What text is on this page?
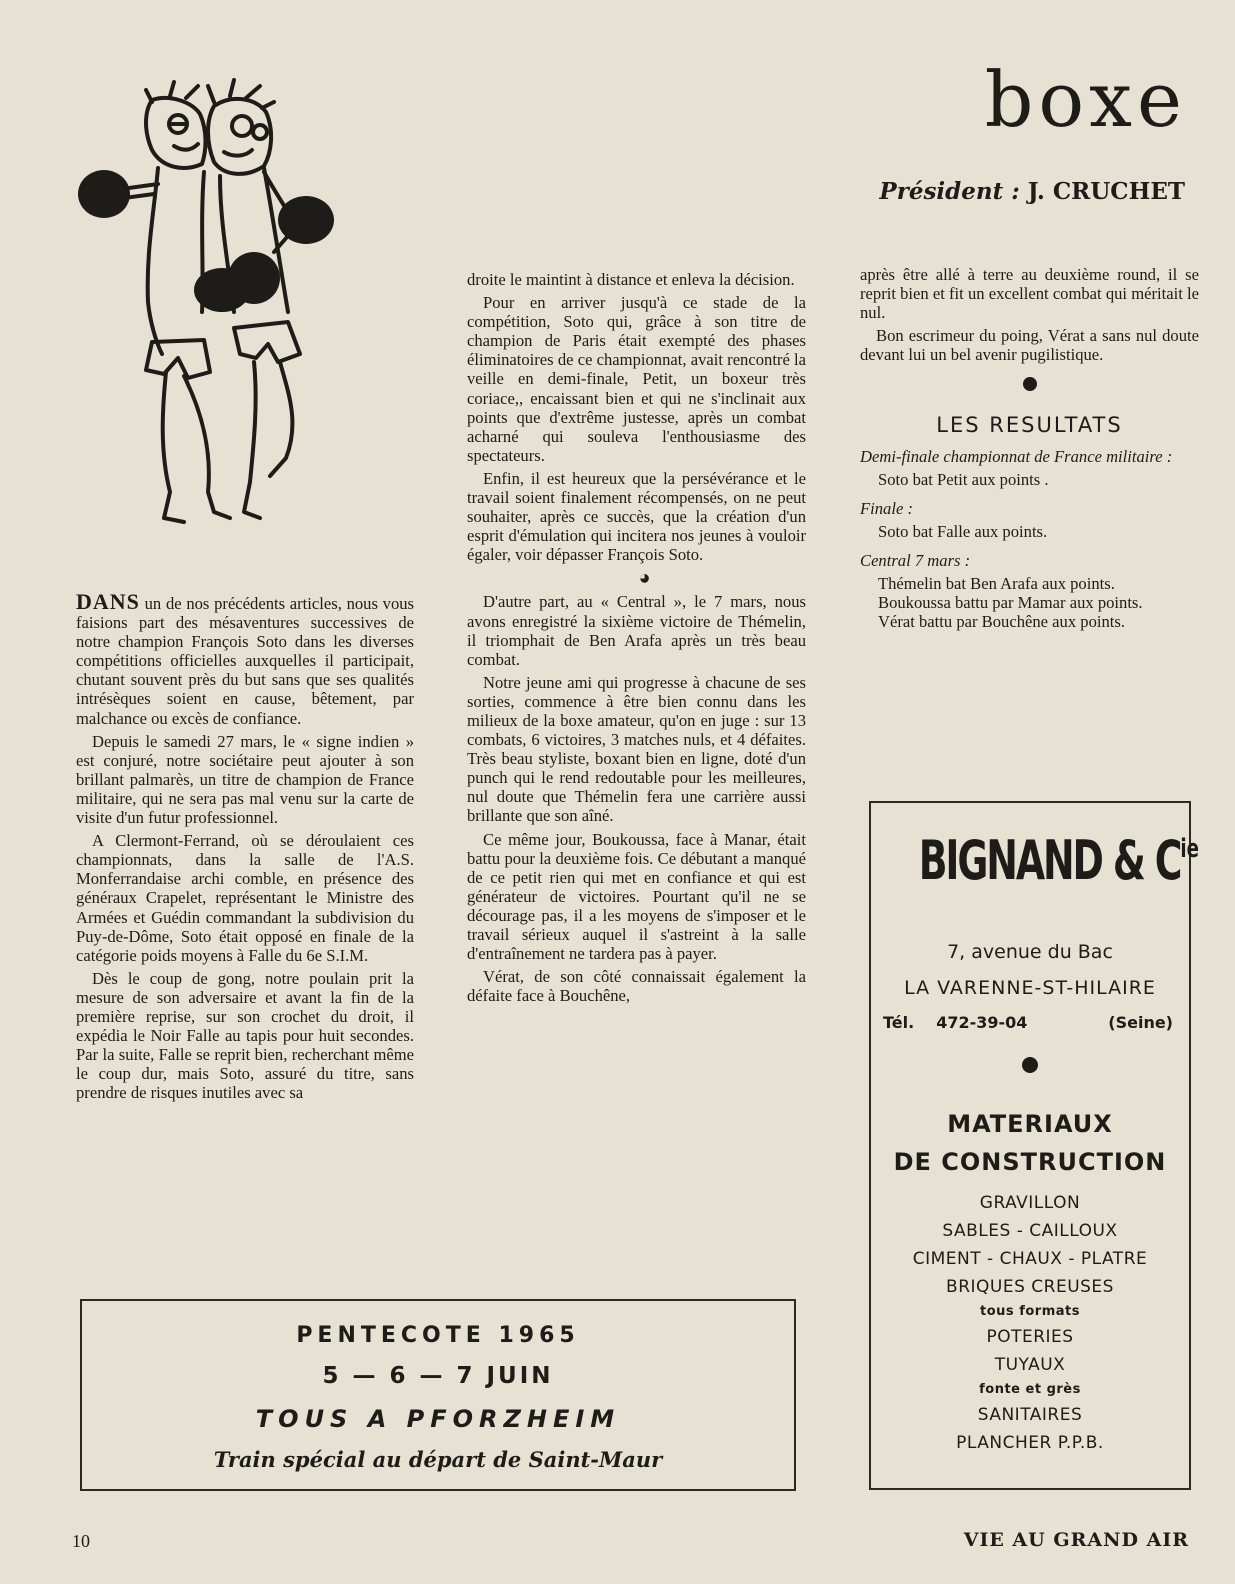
boxe
Président : J. CRUCHET

DANS un de nos précédents articles, nous vous faisions part des mésaventures successives de notre champion François Soto dans les diverses compétitions officielles auxquelles il participait, chutant souvent près du but sans que ses qualités intrésèques soient en cause, bêtement, par malchance ou excès de confiance.

Depuis le samedi 27 mars, le « signe indien » est conjuré, notre sociétaire peut ajouter à son brillant palmarès, un titre de champion de France militaire, qui ne sera pas mal venu sur la carte de visite d'un futur professionnel.

A Clermont-Ferrand, où se déroulaient ces championnats, dans la salle de l'A.S. Monferrandaise archi comble, en présence des généraux Crapelet, représentant le Ministre des Armées et Guédin commandant la subdivision du Puy-de-Dôme, Soto était opposé en finale de la catégorie poids moyens à Falle du 6e S.I.M.

Dès le coup de gong, notre poulain prit la mesure de son adversaire et avant la fin de la première reprise, sur son crochet du droit, il expédia le Noir Falle au tapis pour huit secondes. Par la suite, Falle se reprit bien, recherchant même le coup dur, mais Soto, assuré du titre, sans prendre de risques inutiles avec sa

droite le maintint à distance et enleva la décision.

Pour en arriver jusqu'à ce stade de la compétition, Soto qui, grâce à son titre de champion de Paris était exempté des phases éliminatoires de ce championnat, avait rencontré la veille en demi-finale, Petit, un boxeur très coriace,, encaissant bien et qui ne s'inclinait aux points que d'extrême justesse, après un combat acharné qui souleva l'enthousiasme des spectateurs.

Enfin, il est heureux que la persévérance et le travail soient finalement récompensés, on ne peut souhaiter, après ce succès, que la création d'un esprit d'émulation qui incitera nos jeunes à vouloir égaler, voir dépasser François Soto.

◕

D'autre part, au « Central », le 7 mars, nous avons enregistré la sixième victoire de Thémelin, il triomphait de Ben Arafa après un très beau combat.

Notre jeune ami qui progresse à chacune de ses sorties, commence à être bien connu dans les milieux de la boxe amateur, qu'on en juge : sur 13 combats, 6 victoires, 3 matches nuls, et 4 défaites. Très beau styliste, boxant bien en ligne, doté d'un punch qui le rend redoutable pour les meilleures, nul doute que Thémelin fera une carrière aussi brillante que son aîné.

Ce même jour, Boukoussa, face à Manar, était battu pour la deuxième fois. Ce débutant a manqué de ce petit rien qui met en confiance et qui est générateur de victoires. Pourtant qu'il ne se décourage pas, il a les moyens de s'imposer et le travail sérieux auquel il s'astreint à la salle d'entraînement ne tardera pas à payer.

Vérat, de son côté connaissait également la défaite face à Bouchêne,

après être allé à terre au deuxième round, il se reprit bien et fit un excellent combat qui méritait le nul.

Bon escrimeur du poing, Vérat a sans nul doute devant lui un bel avenir pugilistique.

LES RESULTATS

Demi-finale championnat de France militaire :

Soto bat Petit aux points .

Finale :

Soto bat Falle aux points.

Central 7 mars :

Thémelin bat Ben Arafa aux points.

Boukoussa battu par Mamar aux points.

Vérat battu par Bouchêne aux points.

PENTECOTE 1965
5 — 6 — 7 JUIN
TOUS A PFORZHEIM
Train spécial au départ de Saint-Maur
BIGNAND & $C^{ie}$
7, avenue du Bac
LA VARENNE-ST-HILAIRE
Tél. 472-39-04	(Seine)
MATERIAUX
DE CONSTRUCTION
GRAVILLON
SABLES - CAILLOUX
CIMENT - CHAUX - PLATRE
BRIQUES CREUSES
tous formats
POTERIES
TUYAUX
fonte et grès
SANITAIRES
PLANCHER P.P.B.
10	VIE AU GRAND AIR
